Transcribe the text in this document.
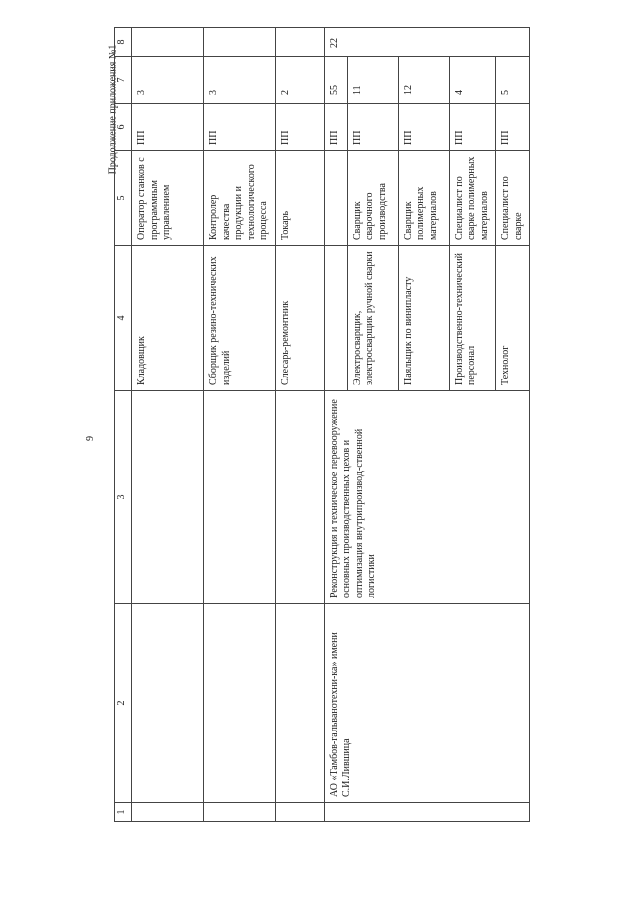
9
Продолжение приложения №1
1	2	3	4	5	6	7	8
			Кладовщик	Оператор станков с программным управлением	ПП	3	
			Сборщик резино-технических изделий	Контролер качества продукции и технологического процесса	ПП	3	
			Слесарь-ремонтник	Токарь	ПП	2	
	АО «Тамбов-гальванотехни-ка» имени С.И.Лившица	Реконструкция и техническое перевооружение основных производственных цехов и оптимизация внутрипроизвод-ственной логистики			ПП	55	22
			Электросварщик, электросварщик ручной сварки	Сварщик сварочного производства	ПП	11	
			Паяльщик по винипласту	Сварщик полимерных материалов	ПП	12	
			Производственно-технический персонал	Специалист по сварке полимерных материалов	ПП	4	
			Технолог	Специалист по сварке	ПП	5	
